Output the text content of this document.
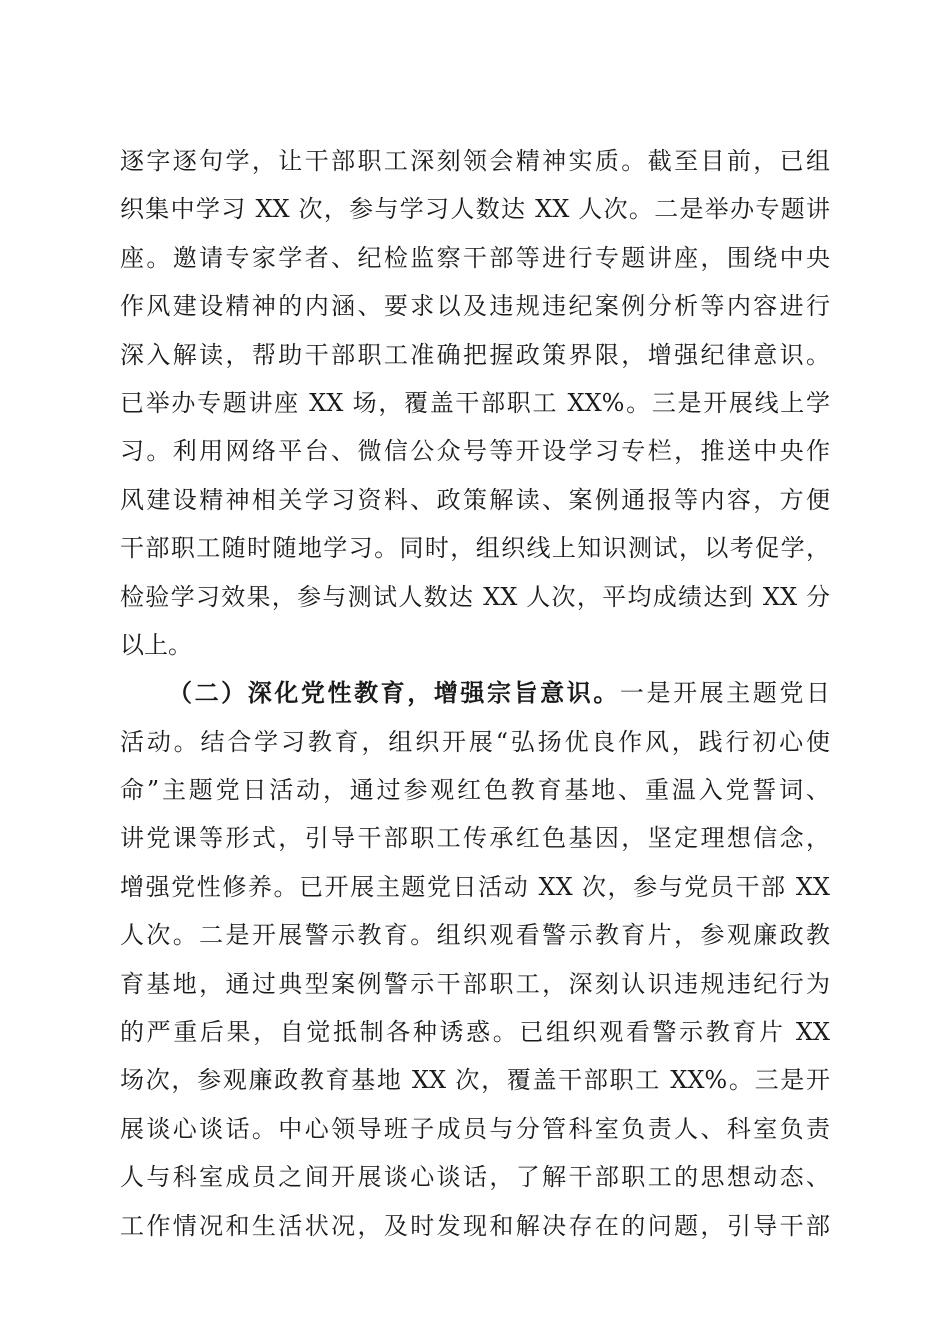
逐字逐句学，让干部职工深刻领会精神实质。截至目前，已组
织集中学习 XX 次，参与学习人数达 XX 人次。二是举办专题讲
座。邀请专家学者、纪检监察干部等进行专题讲座，围绕中央
作风建设精神的内涵、要求以及违规违纪案例分析等内容进行
深入解读，帮助干部职工准确把握政策界限，增强纪律意识。
已举办专题讲座 XX 场，覆盖干部职工 XX%。三是开展线上学
习。利用网络平台、微信公众号等开设学习专栏，推送中央作
风建设精神相关学习资料、政策解读、案例通报等内容，方便
干部职工随时随地学习。同时，组织线上知识测试，以考促学，
检验学习效果，参与测试人数达 XX 人次，平均成绩达到 XX 分
以上。
（二）深化党性教育，增强宗旨意识。一是开展主题党日
活动。结合学习教育，组织开展“弘扬优良作风，践行初心使
命”主题党日活动，通过参观红色教育基地、重温入党誓词、
讲党课等形式，引导干部职工传承红色基因，坚定理想信念，
增强党性修养。已开展主题党日活动 XX 次，参与党员干部 XX
人次。二是开展警示教育。组织观看警示教育片，参观廉政教
育基地，通过典型案例警示干部职工，深刻认识违规违纪行为
的严重后果，自觉抵制各种诱惑。已组织观看警示教育片 XX
场次，参观廉政教育基地 XX 次，覆盖干部职工 XX%。三是开
展谈心谈话。中心领导班子成员与分管科室负责人、科室负责
人与科室成员之间开展谈心谈话，了解干部职工的思想动态、
工作情况和生活状况，及时发现和解决存在的问题，引导干部
